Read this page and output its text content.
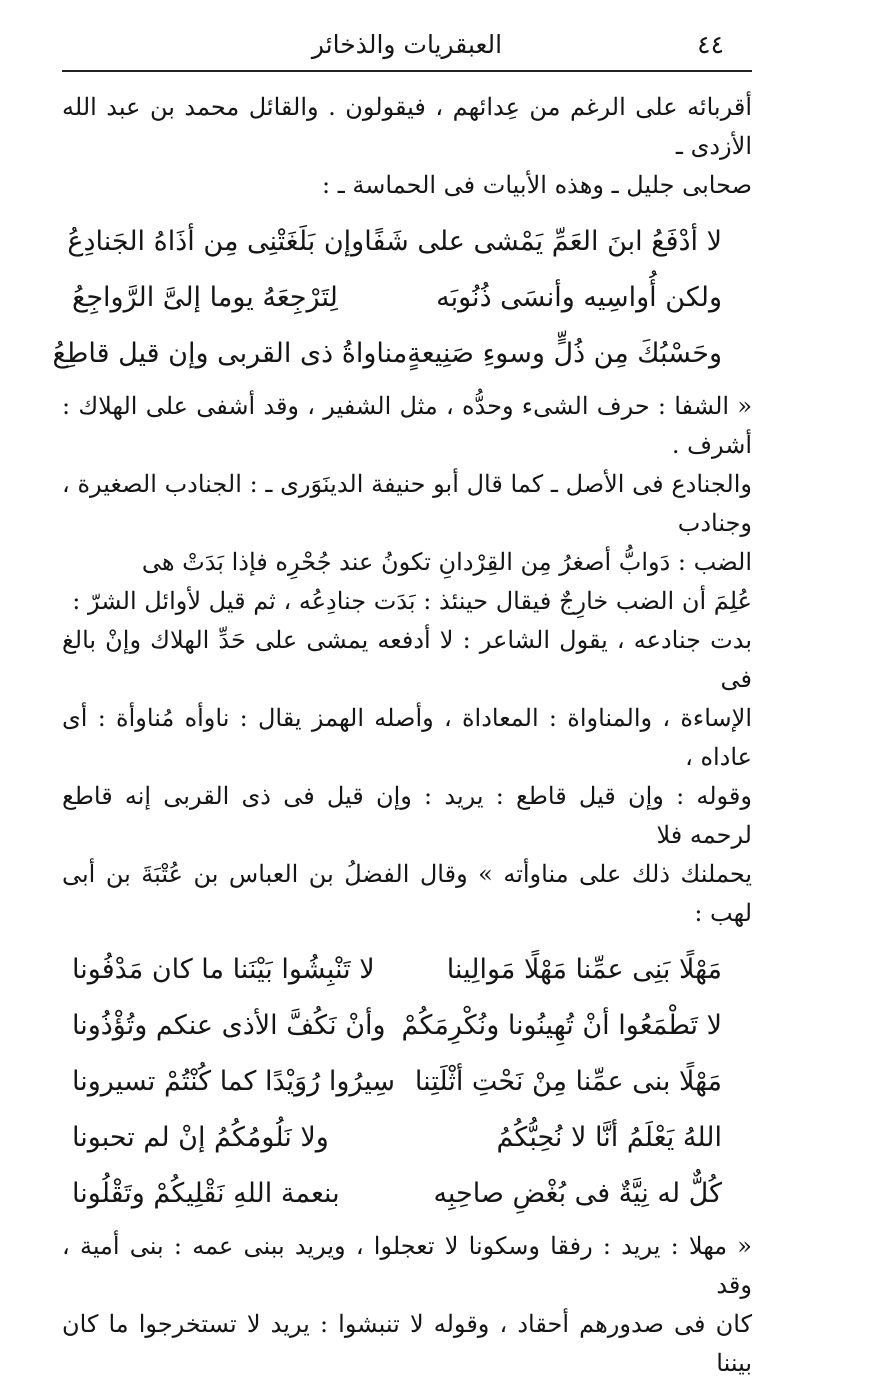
العبقريات والذخائر	٤٤

أقربائه على الرغم من عِدائهم ، فيقولون . والقائل محمد بن عبد الله الأزدى ـ

صحابى جليل ـ وهذه الأبيات فى الحماسة ـ :

لا أدْفَعُ ابنَ العَمِّ يَمْشى على شَفًا
وإن بَلَغَتْنِى مِن أذَاهُ الجَنادِعُ
ولكن أُواسِيه وأنسَى ذُنُوبَه
لِتَرْجِعَهُ يوما إلىَّ الرَّواجِعُ
وحَسْبُكَ مِن ذُلٍّ وسوءِ صَنِيعةٍ
مناواةُ ذى القربى وإن قيل قاطِعُ

« الشفا : حرف الشىء وحدُّه ، مثل الشفير ، وقد أشفى على الهلاك : أشرف .

والجنادع فى الأصل ـ كما قال أبو حنيفة الدينَوَرى ـ : الجنادب الصغيرة ، وجنادب

الضب : دَوابُّ أصغرُ مِن القِرْدانِ تكونُ عند جُحْرِه فإذا بَدَتْ هى

عُلِمَ أن الضب خارِجٌ فيقال حينئذ : بَدَت جنادِعُه ، ثم قيل لأوائل الشرّ :

بدت جنادعه ، يقول الشاعر : لا أدفعه يمشى على حَدِّ الهلاك وإنْ بالغ فى

الإساءة ، والمناواة : المعاداة ، وأصله الهمز يقال : ناوأه مُناوأة : أى عاداه ،

وقوله : وإن قيل قاطع : يريد : وإن قيل فى ذى القربى إنه قاطع لرحمه فلا

يحملنك ذلك على مناوأته » وقال الفضلُ بن العباس بن عُتْبَةَ بن أبى لهب :

مَهْلًا بَنِى عمِّنا مَهْلًا مَوالِينا
لا تَنْبِشُوا بَيْنَنا ما كان مَدْفُونا
لا تَطْمَعُوا أنْ تُهِينُونا ونُكْرِمَكُمْ
وأنْ نَكُفَّ الأذى عنكم وتُؤْذُونا
مَهْلًا بنى عمِّنا مِنْ نَحْتِ أثْلَتِنا
سِيرُوا رُوَيْدًا كما كُنْتُمْ تسيرونا
اللهُ يَعْلَمُ أنَّا لا نُحِبُّكُمُ
ولا نَلُومُكُمُ إنْ لم تحبونا
كُلٌّ له نِيَّةٌ فى بُغْضِ صاحِبِه
بنعمة اللهِ نَقْلِيكُمْ وتَقْلُونا

« مهلا : يريد : رفقا وسكونا لا تعجلوا ، ويريد ببنى عمه : بنى أمية ، وقد

كان فى صدورهم أحقاد ، وقوله لا تنبشوا : يريد لا تستخرجوا ما كان بيننا
